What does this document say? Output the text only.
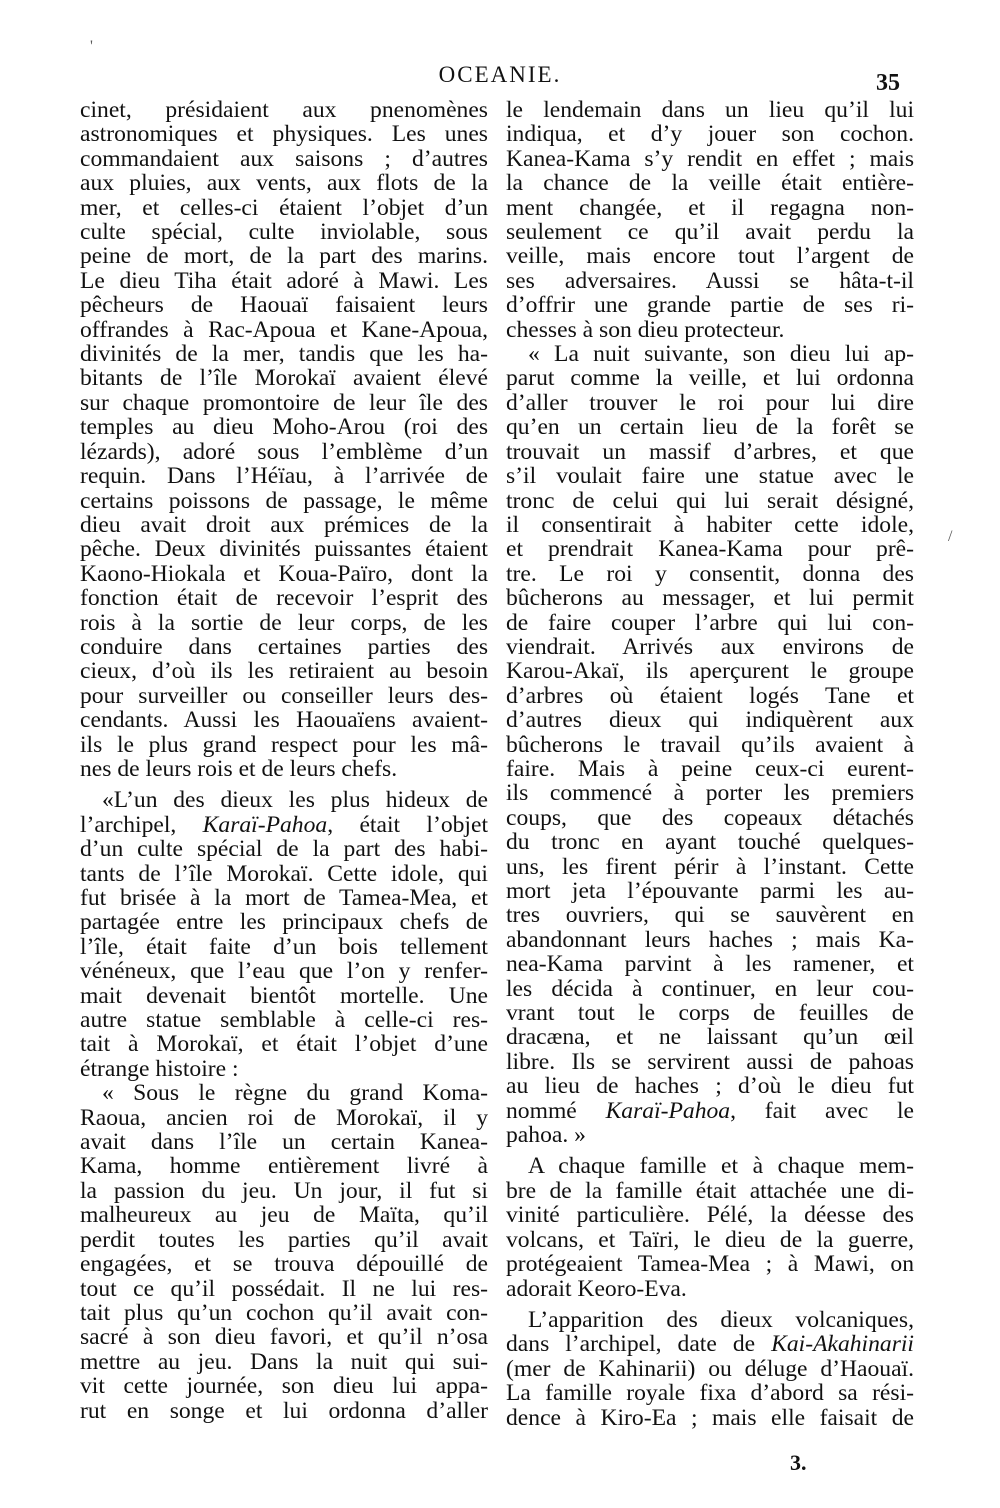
'
OCEANIE.	35
cinet, présidaient aux pnenomènes
astronomiques et physiques. Les unes
commandaient aux saisons ; d’autres
aux pluies, aux vents, aux flots de la
mer, et celles-ci étaient l’objet d’un
culte spécial, culte inviolable, sous
peine de mort, de la part des marins.
Le dieu Tiha était adoré à Mawi. Les
pêcheurs de Haouaï faisaient leurs
offrandes à Rac-Apoua et Kane-Apoua,
divinités de la mer, tandis que les ha-
bitants de l’île Morokaï avaient élevé
sur chaque promontoire de leur île des
temples au dieu Moho-Arou (roi des
lézards), adoré sous l’emblème d’un
requin. Dans l’Héïau, à l’arrivée de
certains poissons de passage, le même
dieu avait droit aux prémices de la
pêche. Deux divinités puissantes étaient
Kaono-Hiokala et Koua-Païro, dont la
fonction était de recevoir l’esprit des
rois à la sortie de leur corps, de les
conduire dans certaines parties des
cieux, d’où ils les retiraient au besoin
pour surveiller ou conseiller leurs des-
cendants. Aussi les Haouaïens avaient-
ils le plus grand respect pour les mâ-
nes de leurs rois et de leurs chefs.
«L’un des dieux les plus hideux de
l’archipel, Karaï-Pahoa, était l’objet
d’un culte spécial de la part des habi-
tants de l’île Morokaï. Cette idole, qui
fut brisée à la mort de Tamea-Mea, et
partagée entre les principaux chefs de
l’île, était faite d’un bois tellement
vénéneux, que l’eau que l’on y renfer-
mait devenait bientôt mortelle. Une
autre statue semblable à celle-ci res-
tait à Morokaï, et était l’objet d’une
étrange histoire :
« Sous le règne du grand Koma-
Raoua, ancien roi de Morokaï, il y
avait dans l’île un certain Kanea-
Kama, homme entièrement livré à
la passion du jeu. Un jour, il fut si
malheureux au jeu de Maïta, qu’il
perdit toutes les parties qu’il avait
engagées, et se trouva dépouillé de
tout ce qu’il possédait. Il ne lui res-
tait plus qu’un cochon qu’il avait con-
sacré à son dieu favori, et qu’il n’osa
mettre au jeu. Dans la nuit qui sui-
vit cette journée, son dieu lui appa-
rut en songe et lui ordonna d’aller
le lendemain dans un lieu qu’il lui
indiqua, et d’y jouer son cochon.
Kanea-Kama s’y rendit en effet ; mais
la chance de la veille était entière-
ment changée, et il regagna non-
seulement ce qu’il avait perdu la
veille, mais encore tout l’argent de
ses adversaires. Aussi se hâta-t-il
d’offrir une grande partie de ses ri-
chesses à son dieu protecteur.
« La nuit suivante, son dieu lui ap-
parut comme la veille, et lui ordonna
d’aller trouver le roi pour lui dire
qu’en un certain lieu de la forêt se
trouvait un massif d’arbres, et que
s’il voulait faire une statue avec le
tronc de celui qui lui serait désigné,
il consentirait à habiter cette idole,
et prendrait Kanea-Kama pour prê-
tre. Le roi y consentit, donna des
bûcherons au messager, et lui permit
de faire couper l’arbre qui lui con-
viendrait. Arrivés aux environs de
Karou-Akaï, ils aperçurent le groupe
d’arbres où étaient logés Tane et
d’autres dieux qui indiquèrent aux
bûcherons le travail qu’ils avaient à
faire. Mais à peine ceux-ci eurent-
ils commencé à porter les premiers
coups, que des copeaux détachés
du tronc en ayant touché quelques-
uns, les firent périr à l’instant. Cette
mort jeta l’épouvante parmi les au-
tres ouvriers, qui se sauvèrent en
abandonnant leurs haches ; mais Ka-
nea-Kama parvint à les ramener, et
les décida à continuer, en leur cou-
vrant tout le corps de feuilles de
dracæna, et ne laissant qu’un œil
libre. Ils se servirent aussi de pahoas
au lieu de haches ; d’où le dieu fut
nommé Karaï-Pahoa, fait avec le
pahoa. »
A chaque famille et à chaque mem-
bre de la famille était attachée une di-
vinité particulière. Pélé, la déesse des
volcans, et Taïri, le dieu de la guerre,
protégeaient Tamea-Mea ; à Mawi, on
adorait Keoro-Eva.
L’apparition des dieux volcaniques,
dans l’archipel, date de Kai-Akahinarii
(mer de Kahinarii) ou déluge d’Haouaï.
La famille royale fixa d’abord sa rési-
dence à Kiro-Ea ; mais elle faisait de
/
3.
